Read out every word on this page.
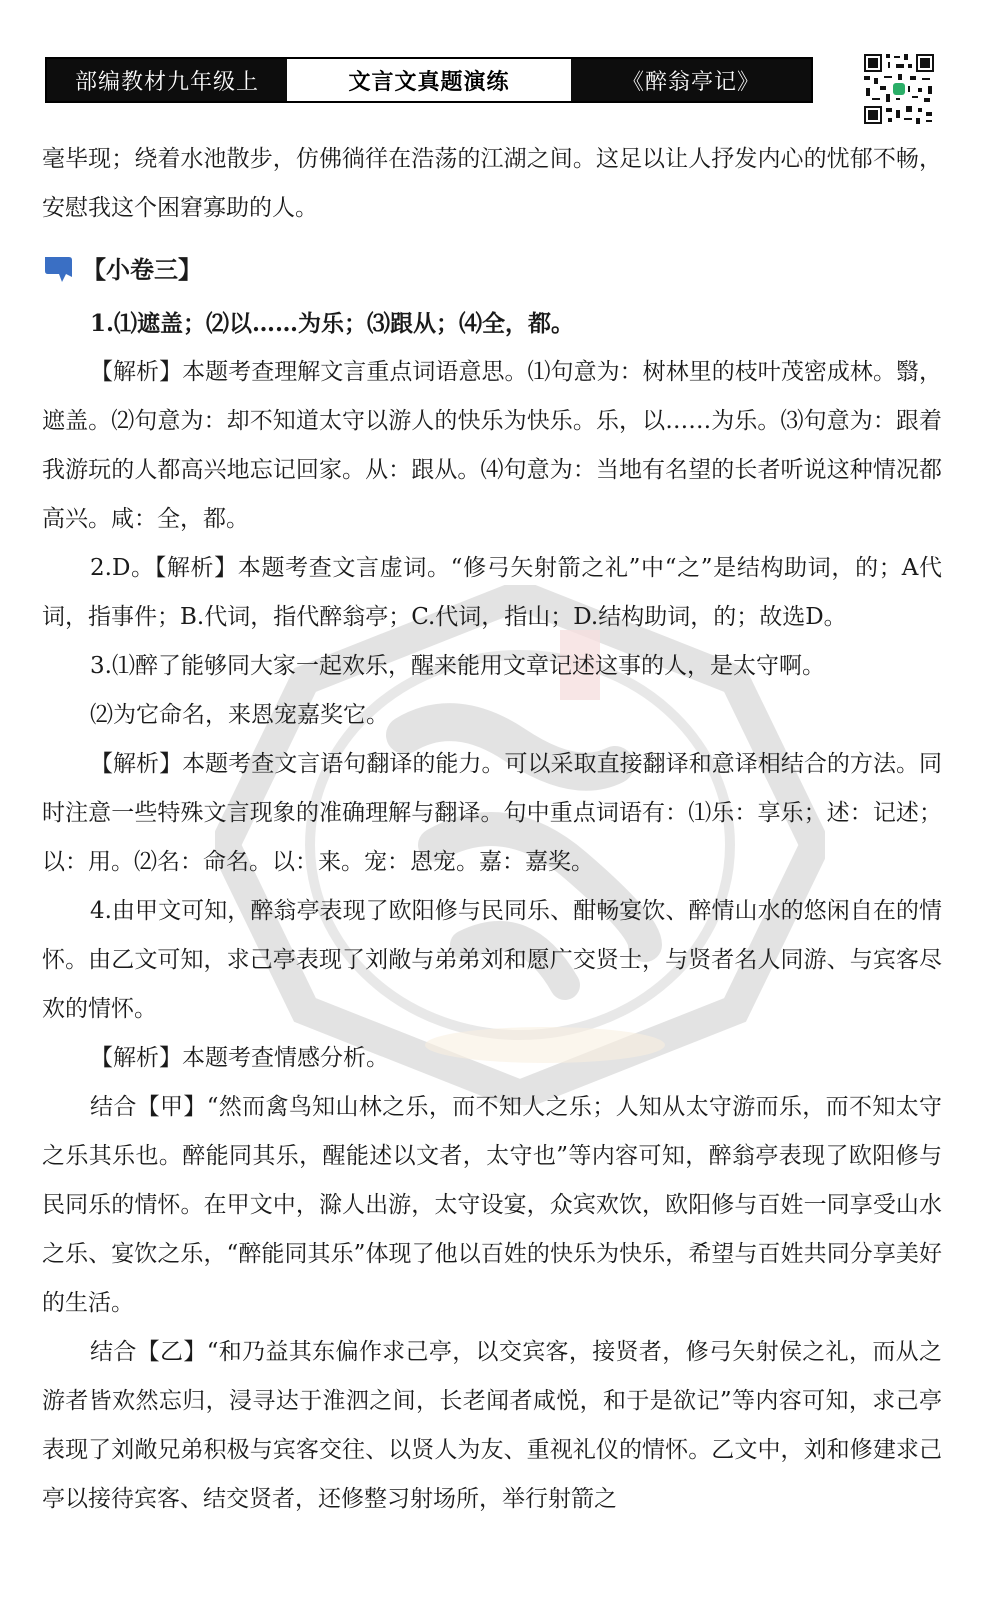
部编教材九年级上	文言文真题演练	《醉翁亭记》

毫毕现；绕着水池散步，仿佛徜徉在浩荡的江湖之间。这足以让人抒发内心的忧郁不畅，安慰我这个困窘寡助的人。

【小卷三】

1.⑴遮盖；⑵以……为乐；⑶跟从；⑷全，都。

【解析】本题考查理解文言重点词语意思。⑴句意为：树林里的枝叶茂密成林。翳，遮盖。⑵句意为：却不知道太守以游人的快乐为快乐。乐，以……为乐。⑶句意为：跟着我游玩的人都高兴地忘记回家。从：跟从。⑷句意为：当地有名望的长者听说这种情况都高兴。咸：全，都。

2.D。【解析】本题考查文言虚词。“修弓矢射箭之礼”中“之”是结构助词，的；A代词，指事件；B.代词，指代醉翁亭；C.代词，指山；D.结构助词，的；故选D。

3.⑴醉了能够同大家一起欢乐，醒来能用文章记述这事的人，是太守啊。

⑵为它命名，来恩宠嘉奖它。

【解析】本题考查文言语句翻译的能力。可以采取直接翻译和意译相结合的方法。同时注意一些特殊文言现象的准确理解与翻译。句中重点词语有：⑴乐：享乐；述：记述；以：用。⑵名：命名。以：来。宠：恩宠。嘉：嘉奖。

4.由甲文可知，醉翁亭表现了欧阳修与民同乐、酣畅宴饮、醉情山水的悠闲自在的情怀。由乙文可知，求己亭表现了刘敞与弟弟刘和愿广交贤士，与贤者名人同游、与宾客尽欢的情怀。

【解析】本题考查情感分析。

结合【甲】“然而禽鸟知山林之乐，而不知人之乐；人知从太守游而乐，而不知太守之乐其乐也。醉能同其乐，醒能述以文者，太守也”等内容可知，醉翁亭表现了欧阳修与民同乐的情怀。在甲文中，滁人出游，太守设宴，众宾欢饮，欧阳修与百姓一同享受山水之乐、宴饮之乐，“醉能同其乐”体现了他以百姓的快乐为快乐，希望与百姓共同分享美好的生活。

结合【乙】“和乃益其东偏作求己亭，以交宾客，接贤者，修弓矢射侯之礼，而从之游者皆欢然忘归，浸寻达于淮泗之间，长老闻者咸悦，和于是欲记”等内容可知，求己亭表现了刘敞兄弟积极与宾客交往、以贤人为友、重视礼仪的情怀。乙文中，刘和修建求己亭以接待宾客、结交贤者，还修整习射场所，举行射箭之
